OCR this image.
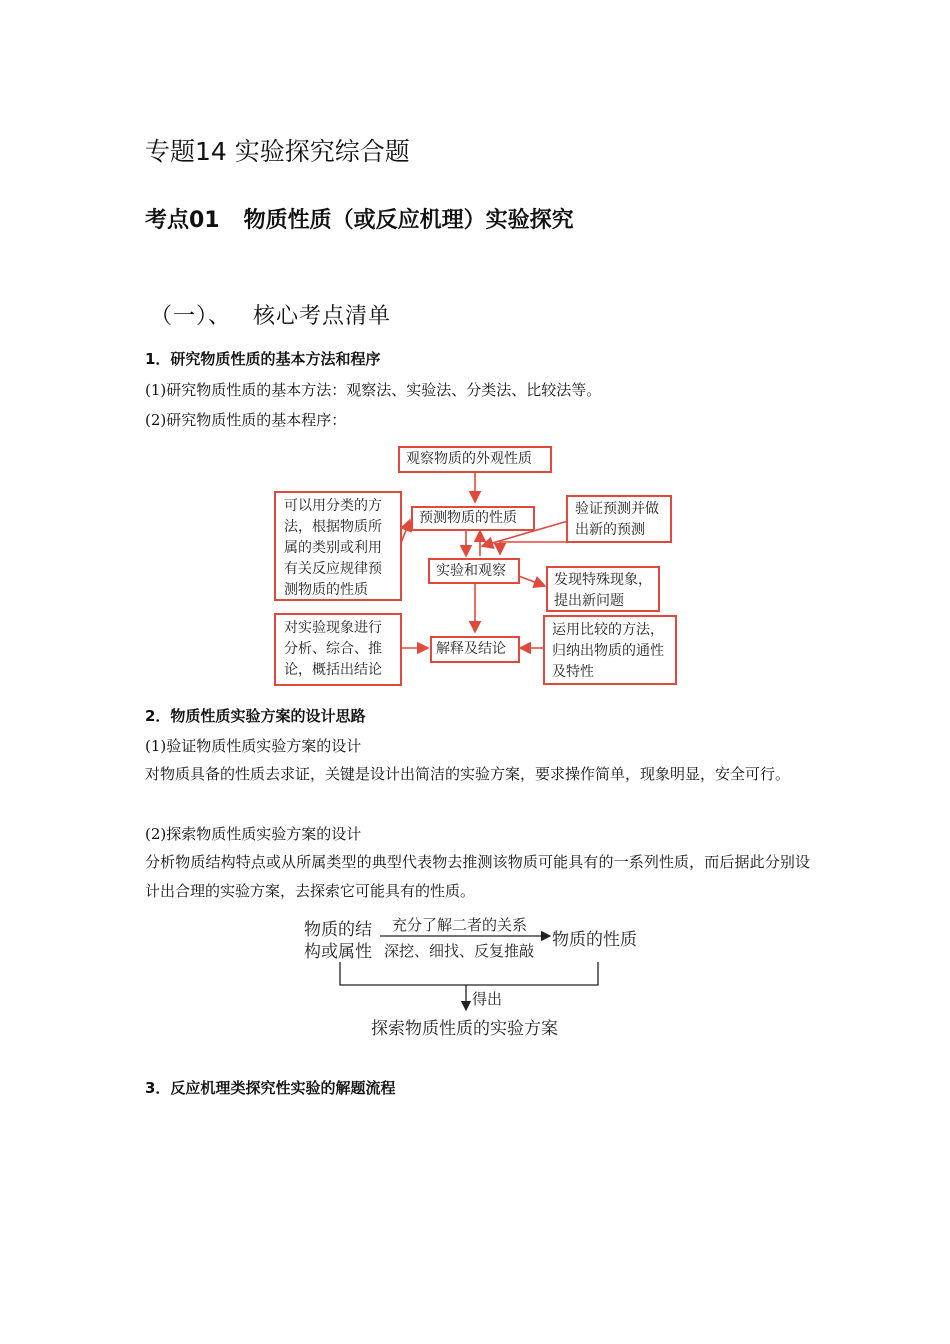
专题14 实验探究综合题
考点01 物质性质（或反应机理）实验探究
（一）、 核心考点清单
1．研究物质性质的基本方法和程序
(1)研究物质性质的基本方法：观察法、实验法、分类法、比较法等。
(2)研究物质性质的基本程序：
观察物质的外观性质
预测物质的性质
实验和观察
解释及结论
可以用分类的方法，根据物质所属的类别或利用有关反应规律预测物质的性质
对实验现象进行分析、综合、推论，概括出结论
验证预测并做出新的预测
发现特殊现象，提出新问题
运用比较的方法，归纳出物质的通性及特性
2．物质性质实验方案的设计思路
(1)验证物质性质实验方案的设计
对物质具备的性质去求证，关键是设计出简洁的实验方案，要求操作简单，现象明显，安全可行。
(2)探索物质性质实验方案的设计
分析物质结构特点或从所属类型的典型代表物去推测该物质可能具有的一系列性质，而后据此分别设计出合理的实验方案，去探索它可能具有的性质。
物质的结
构或属性
充分了解二者的关系
深挖、细找、反复推敲
物质的性质
得出
探索物质性质的实验方案
3．反应机理类探究性实验的解题流程
